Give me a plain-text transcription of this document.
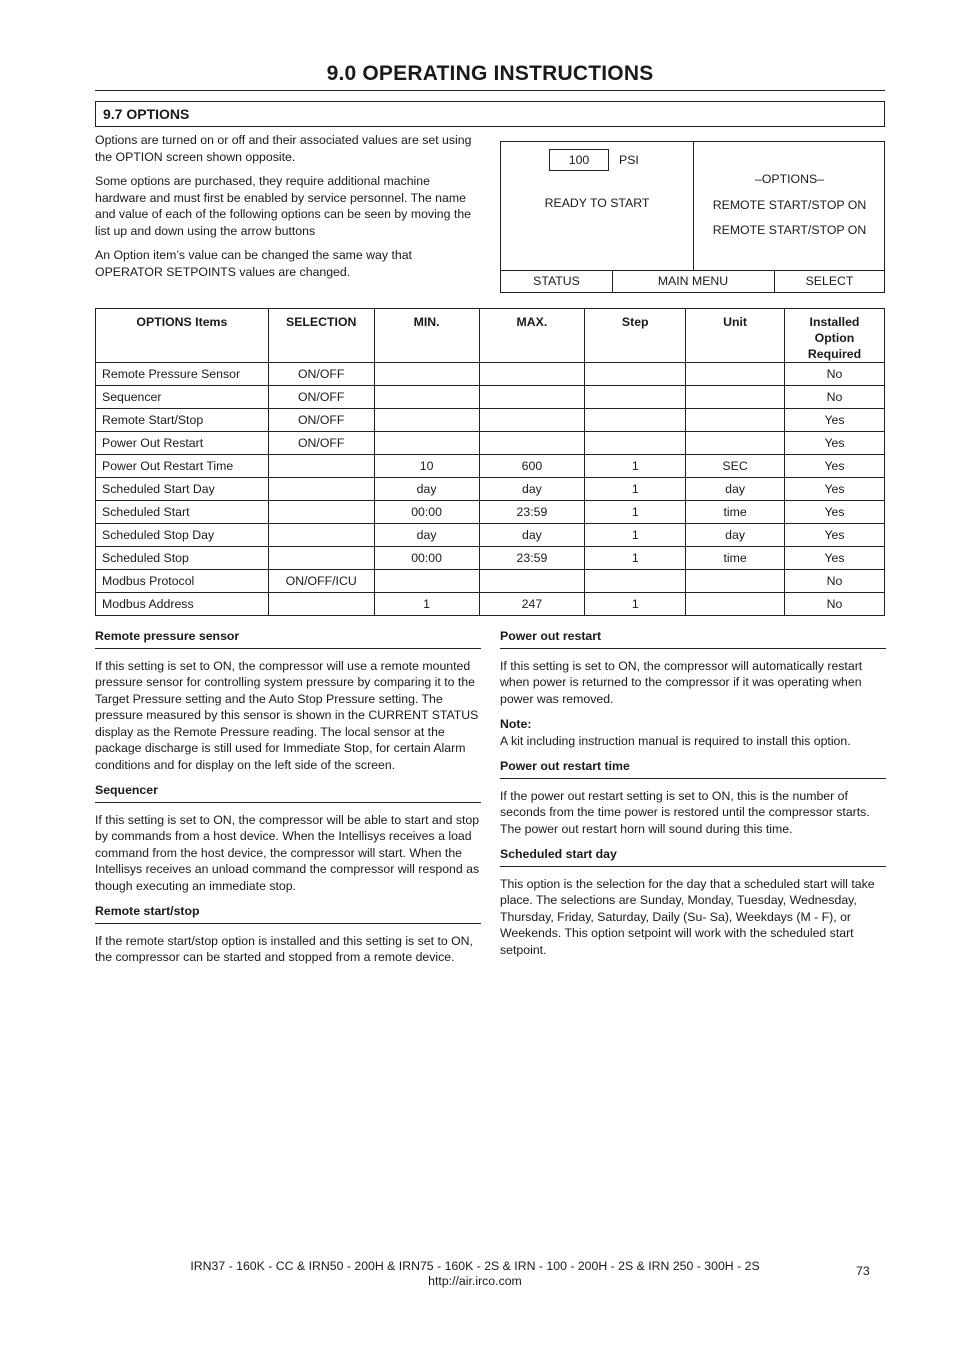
9.0 OPERATING INSTRUCTIONS
9.7 OPTIONS

Options are turned on or off and their associated values are set using the OPTION screen shown opposite.

Some options are purchased, they require additional machine hardware and must first be enabled by service personnel. The name and value of each of the following options can be seen by moving the list up and down using the arrow buttons

An Option item’s value can be changed the same way that OPERATOR SETPOINTS values are changed.

100	PSI
READY TO START
–OPTIONS–
REMOTE START/STOP ON
REMOTE START/STOP ON
STATUS	MAIN MENU	SELECT
OPTIONS Items	SELECTION	MIN.	MAX.	Step	Unit	Installed Option Required
Remote Pressure Sensor	ON/OFF					No
Sequencer	ON/OFF					No
Remote Start/Stop	ON/OFF					Yes
Power Out Restart	ON/OFF					Yes
Power Out Restart Time		10	600	1	SEC	Yes
Scheduled Start Day		day	day	1	day	Yes
Scheduled Start		00:00	23:59	1	time	Yes
Scheduled Stop Day		day	day	1	day	Yes
Scheduled Stop		00:00	23:59	1	time	Yes
Modbus Protocol	ON/OFF/ICU					No
Modbus Address		1	247	1		No
Remote pressure sensor

If this setting is set to ON, the compressor will use a remote mounted pressure sensor for controlling system pressure by comparing it to the Target Pressure setting and the Auto Stop Pressure setting. The pressure measured by this sensor is shown in the CURRENT STATUS display as the Remote Pressure reading. The local sensor at the package discharge is still used for Immediate Stop, for certain Alarm conditions and for display on the left side of the screen.

Sequencer

If this setting is set to ON, the compressor will be able to start and stop by commands from a host device. When the Intellisys receives a load command from the host device, the compressor will start. When the Intellisys receives an unload command the compressor will respond as though executing an immediate stop.

Remote start/stop

If the remote start/stop option is installed and this setting is set to ON, the compressor can be started and stopped from a remote device.

Power out restart

If this setting is set to ON, the compressor will automatically restart when power is returned to the compressor if it was operating when power was removed.

Note:

A kit including instruction manual is required to install this option.

Power out restart time

If the power out restart setting is set to ON, this is the number of seconds from the time power is restored until the compressor starts. The power out restart horn will sound during this time.

Scheduled start day

This option is the selection for the day that a scheduled start will take place. The selections are Sunday, Monday, Tuesday, Wednesday, Thursday, Friday, Saturday, Daily (Su- Sa), Weekdays (M - F), or Weekends. This option setpoint will work with the scheduled start setpoint.

IRN37 - 160K - CC & IRN50 - 200H & IRN75 - 160K - 2S & IRN - 100 - 200H - 2S & IRN 250 - 300H - 2S
http://air.irco.com
73
